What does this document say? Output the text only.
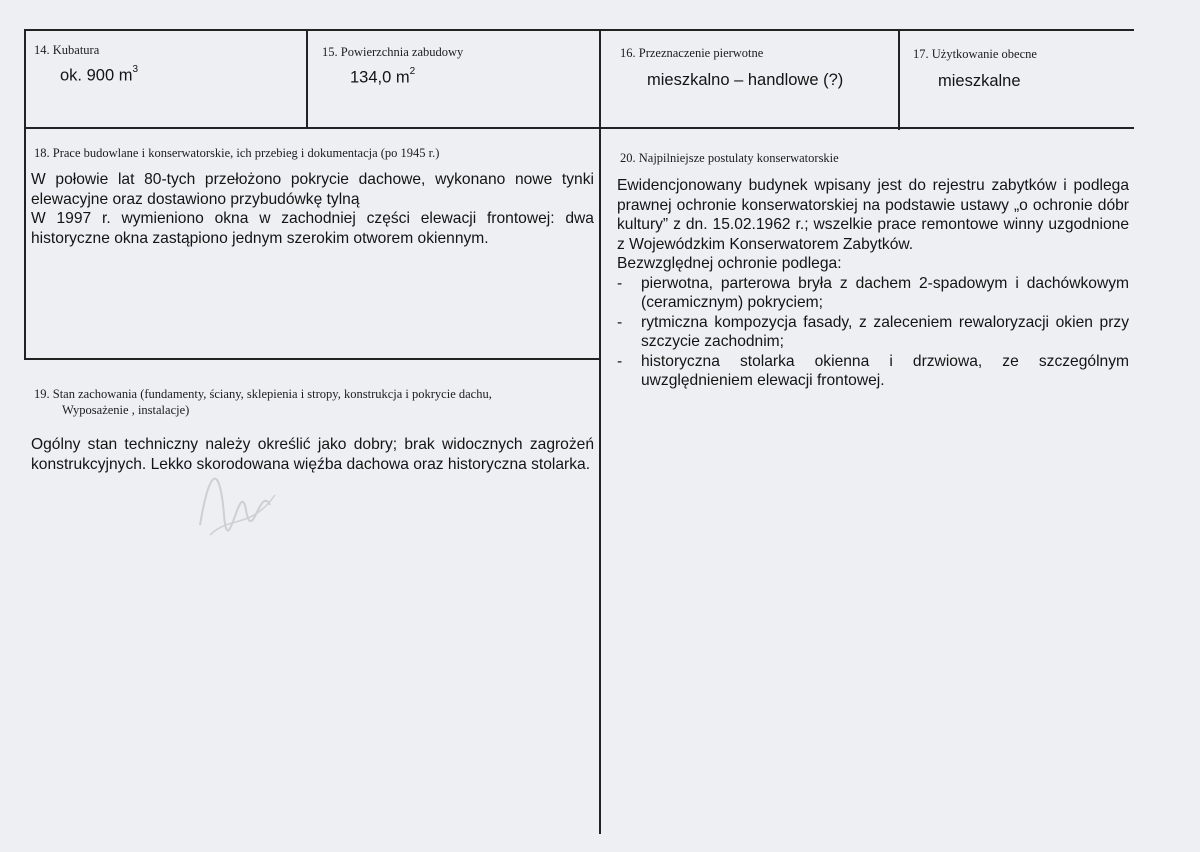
14. Kubatura
ok. 900 $m^3$
15. Powierzchnia zabudowy
134,0 $m^2$
16. Przeznaczenie pierwotne
mieszkalno – handlowe (?)
17. Użytkowanie obecne
mieszkalne
18. Prace budowlane i konserwatorskie, ich przebieg i dokumentacja (po 1945 r.)

W połowie lat 80-tych przełożono pokrycie dachowe, wykonano nowe tynki elewacyjne oraz dostawiono przybudówkę tylną

W 1997 r. wymieniono okna w zachodniej części elewacji frontowej: dwa historyczne okna zastąpiono jednym szerokim otworem okiennym.

19. Stan zachowania (fundamenty, ściany, sklepienia i stropy, konstrukcja i pokrycie dachu,
Wyposażenie , instalacje)

Ogólny stan techniczny należy określić jako dobry; brak widocznych zagrożeń konstrukcyjnych. Lekko skorodowana więźba dachowa oraz historyczna stolarka.

20. Najpilniejsze postulaty konserwatorskie

Ewidencjonowany budynek wpisany jest do rejestru zabytków i podlega prawnej ochronie konserwatorskiej na podstawie ustawy „o ochronie dóbr kultury” z dn. 15.02.1962 r.; wszelkie prace remontowe winny uzgodnione z Wojewódzkim Konserwatorem Zabytków.

Bezwzględnej ochronie podlega:

- pierwotna, parterowa bryła z dachem 2-spadowym i dachówkowym (ceramicznym) pokryciem;
- rytmiczna kompozycja fasady, z zaleceniem rewaloryzacji okien przy szczycie zachodnim;
- historyczna stolarka okienna i drzwiowa, ze szczególnym uwzględnieniem elewacji frontowej.
